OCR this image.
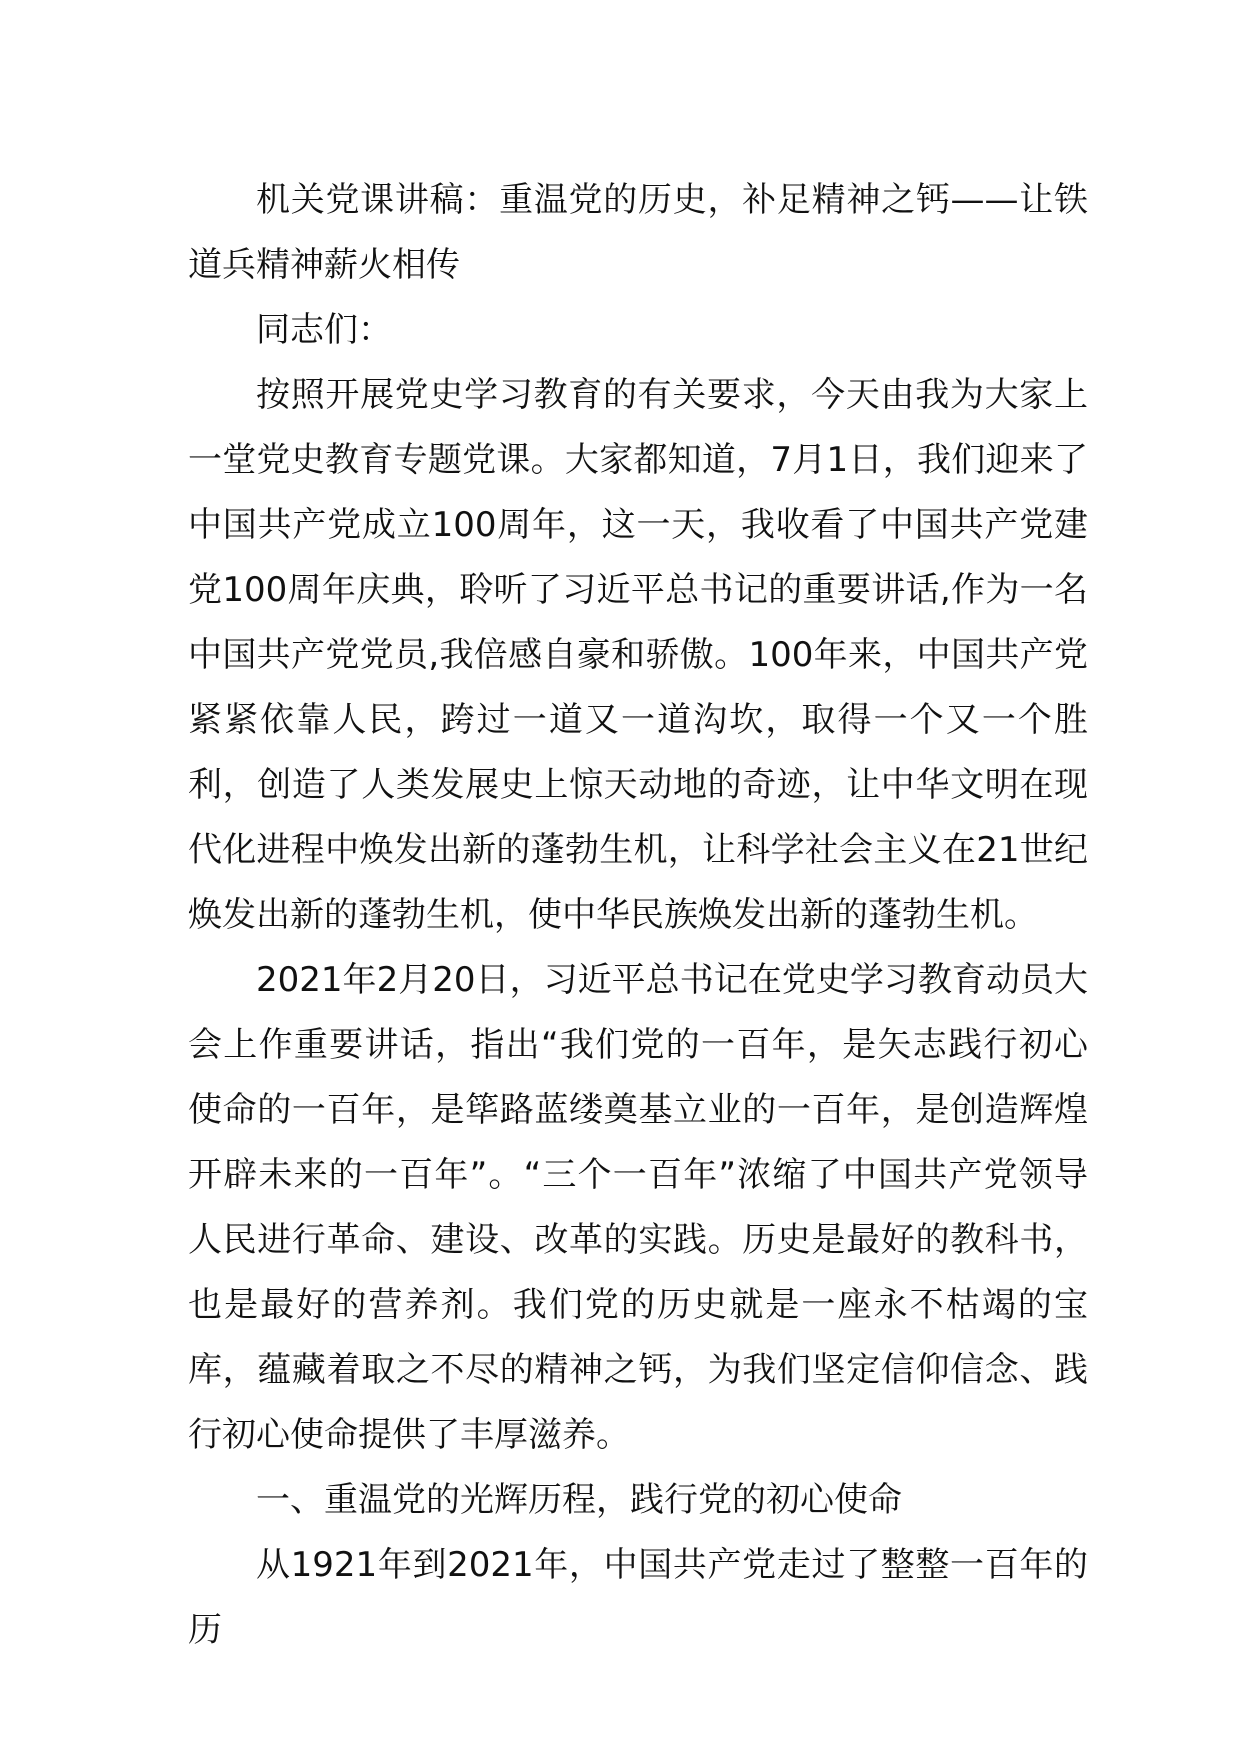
机关党课讲稿：重温党的历史，补足精神之钙——让铁道兵精神薪火相传

同志们：

按照开展党史学习教育的有关要求，今天由我为大家上一堂党史教育专题党课。大家都知道，7月1日，我们迎来了中国共产党成立100周年，这一天，我收看了中国共产党建党100周年庆典，聆听了习近平总书记的重要讲话,作为一名中国共产党党员,我倍感自豪和骄傲。100年来，中国共产党紧紧依靠人民，跨过一道又一道沟坎，取得一个又一个胜利，创造了人类发展史上惊天动地的奇迹，让中华文明在现代化进程中焕发出新的蓬勃生机，让科学社会主义在21世纪焕发出新的蓬勃生机，使中华民族焕发出新的蓬勃生机。

2021年2月20日，习近平总书记在党史学习教育动员大会上作重要讲话，指出“我们党的一百年，是矢志践行初心使命的一百年，是筚路蓝缕奠基立业的一百年，是创造辉煌开辟未来的一百年”。“三个一百年”浓缩了中国共产党领导人民进行革命、建设、改革的实践。历史是最好的教科书，也是最好的营养剂。我们党的历史就是一座永不枯竭的宝库，蕴藏着取之不尽的精神之钙，为我们坚定信仰信念、践行初心使命提供了丰厚滋养。

一、重温党的光辉历程，践行党的初心使命

从1921年到2021年，中国共产党走过了整整一百年的历
